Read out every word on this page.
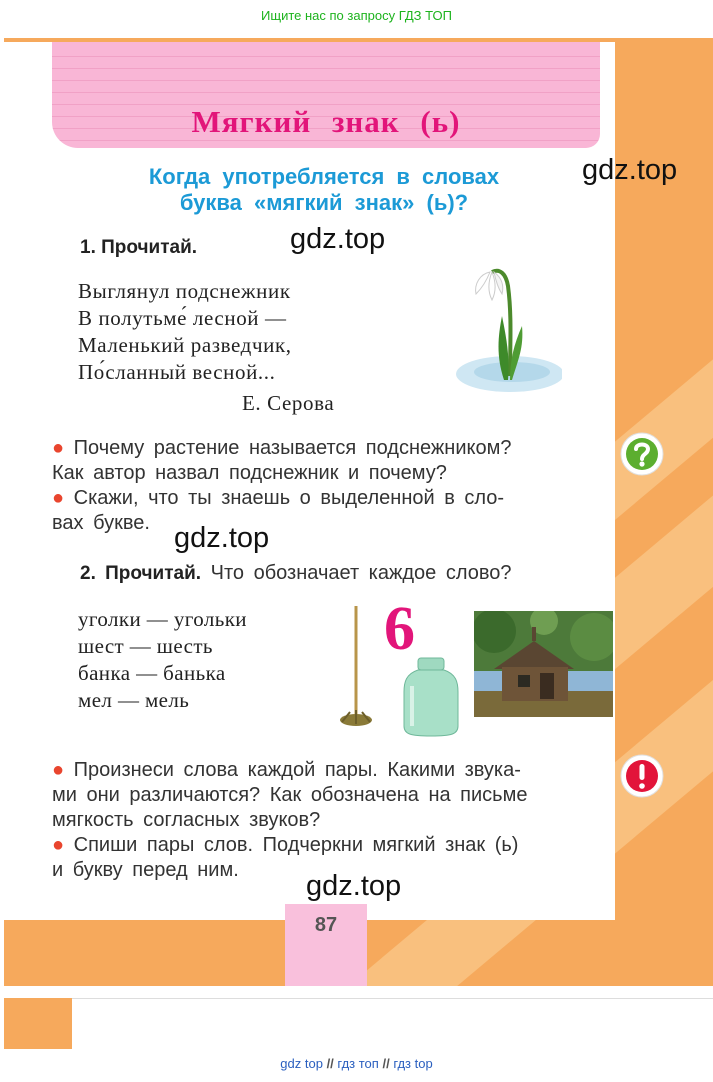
Ищите нас по запросу ГДЗ ТОП
Мягкий знак (ь)
Когда употребляется в словах
буква «мягкий знак» (ь)?
gdz.top
gdz.top
gdz.top
gdz.top
1. Прочитай.
Выглянул подснежник
В полутьме́ лесной —
Маленький разведчик,
По́сланный весной...
Е. Серова
● Почему растение называется подснежником?
Как автор назвал подснежник и почему?
● Скажи, что ты знаешь о выделенной в сло-
вах букве.
2. Прочитай. Что обозначает каждое слово?
уголки — угольки
шест — шесть
банка — банька
мел — мель
6
● Произнеси слова каждой пары. Какими звука-
ми они различаются? Как обозначена на письме
мягкость согласных звуков?
● Спиши пары слов. Подчеркни мягкий знак (ь)
и букву перед ним.
87
gdz top // гдз топ // гдз top
